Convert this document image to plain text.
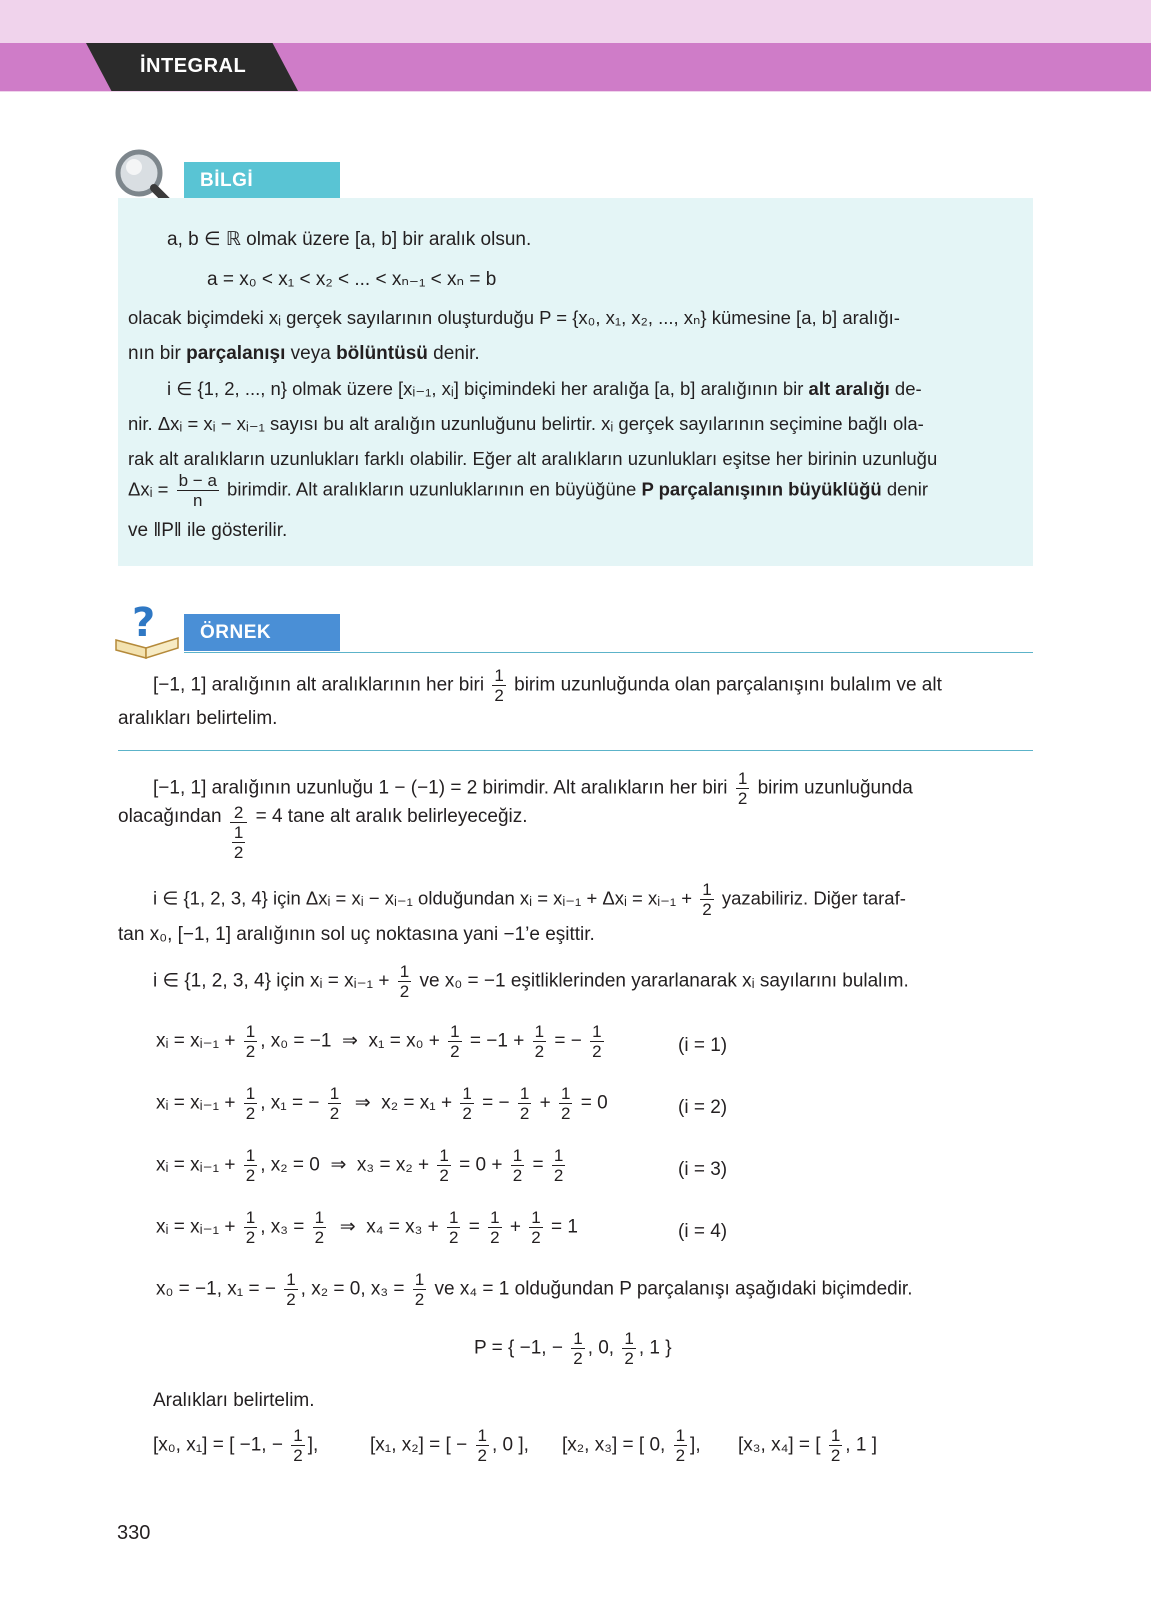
İNTEGRAL
BİLGİ
a, b ∈ ℝ olmak üzere [a, b] bir aralık olsun.
a = x₀ < x₁ < x₂ < ... < xₙ₋₁ < xₙ = b
olacak biçimdeki xᵢ gerçek sayılarının oluşturduğu P = {x₀, x₁, x₂, ..., xₙ} kümesine [a, b] aralığı-
nın bir parçalanışı veya bölüntüsü denir.
i ∈ {1, 2, ..., n} olmak üzere [xᵢ₋₁, xᵢ] biçimindeki her aralığa [a, b] aralığının bir alt aralığı de-
nir. Δxᵢ = xᵢ − xᵢ₋₁ sayısı bu alt aralığın uzunluğunu belirtir. xᵢ gerçek sayılarının seçimine bağlı ola-
rak alt aralıkların uzunlukları farklı olabilir. Eğer alt aralıkların uzunlukları eşitse her birinin uzunluğu
Δxᵢ = $\frac{b - a}{n}$ birimdir. Alt aralıkların uzunluklarının en büyüğüne P parçalanışının büyüklüğü denir
ve ‖P‖ ile gösterilir.
?	ÖRNEK
[−1, 1] aralığının alt aralıklarının her biri $\frac{1}{2}$ birim uzunluğunda olan parçalanışını bulalım ve alt
aralıkları belirtelim.
[−1, 1] aralığının uzunluğu 1 − (−1) = 2 birimdir. Alt aralıkların her biri $\frac{1}{2}$ birim uzunluğunda
olacağından $\frac{2}{\frac{1}{2}} = 4$ tane alt aralık belirleyeceğiz.
i ∈ {1, 2, 3, 4} için Δxᵢ = xᵢ − xᵢ₋₁ olduğundan xᵢ = xᵢ₋₁ + Δxᵢ = xᵢ₋₁ + $\frac{1}{2}$ yazabiliriz. Diğer taraf-
tan x₀, [−1, 1] aralığının sol uç noktasına yani −1’e eşittir.
i ∈ {1, 2, 3, 4} için xᵢ = xᵢ₋₁ + $\frac{1}{2}$ ve x₀ = −1 eşitliklerinden yararlanarak xᵢ sayılarını bulalım.
xᵢ = xᵢ₋₁ + $\frac{1}{2}$ , x₀ = −1 ⇒ $x_1 = x_0 + \frac{1}{2} = -1 + \frac{1}{2}$ = − $\frac{1}{2}$	(i = 1)
xᵢ = xᵢ₋₁ + $\frac{1}{2}$ , x₁ = − $\frac{1}{2}$ ⇒ $x_2 = x_1 + \frac{1}{2}$ = − $\frac{1}{2} + \frac{1}{2} = 0$	(i = 2)
xᵢ = xᵢ₋₁ + $\frac{1}{2}$ , x₂ = 0 ⇒ $x_3 = x_2 + \frac{1}{2} = 0 + \frac{1}{2} = \frac{1}{2}$	(i = 3)
xᵢ = xᵢ₋₁ + $\frac{1}{2}$ , $x_3 = \frac{1}{2}$ ⇒ $x_4 = x_3 + \frac{1}{2} = \frac{1}{2} + \frac{1}{2} = 1$	(i = 4)
x₀ = −1, x₁ = − $\frac{1}{2}$ , x₂ = 0, $x_3 = \frac{1}{2}$ ve x₄ = 1 olduğundan P parçalanışı aşağıdaki biçimdedir.
P = { −1, − $\frac{1}{2}$ , 0, $\frac{1}{2}$ , 1 }
Aralıkları belirtelim.
[x₀, x₁] = [ −1, − $\frac{1}{2}$ ],	[x₁, x₂] = [ − $\frac{1}{2}$ , 0 ], [x₂, x₃] = [ 0, $\frac{1}{2}$ ], [x₃, x₄] = [ $\frac{1}{2}$ , 1 ]
330
